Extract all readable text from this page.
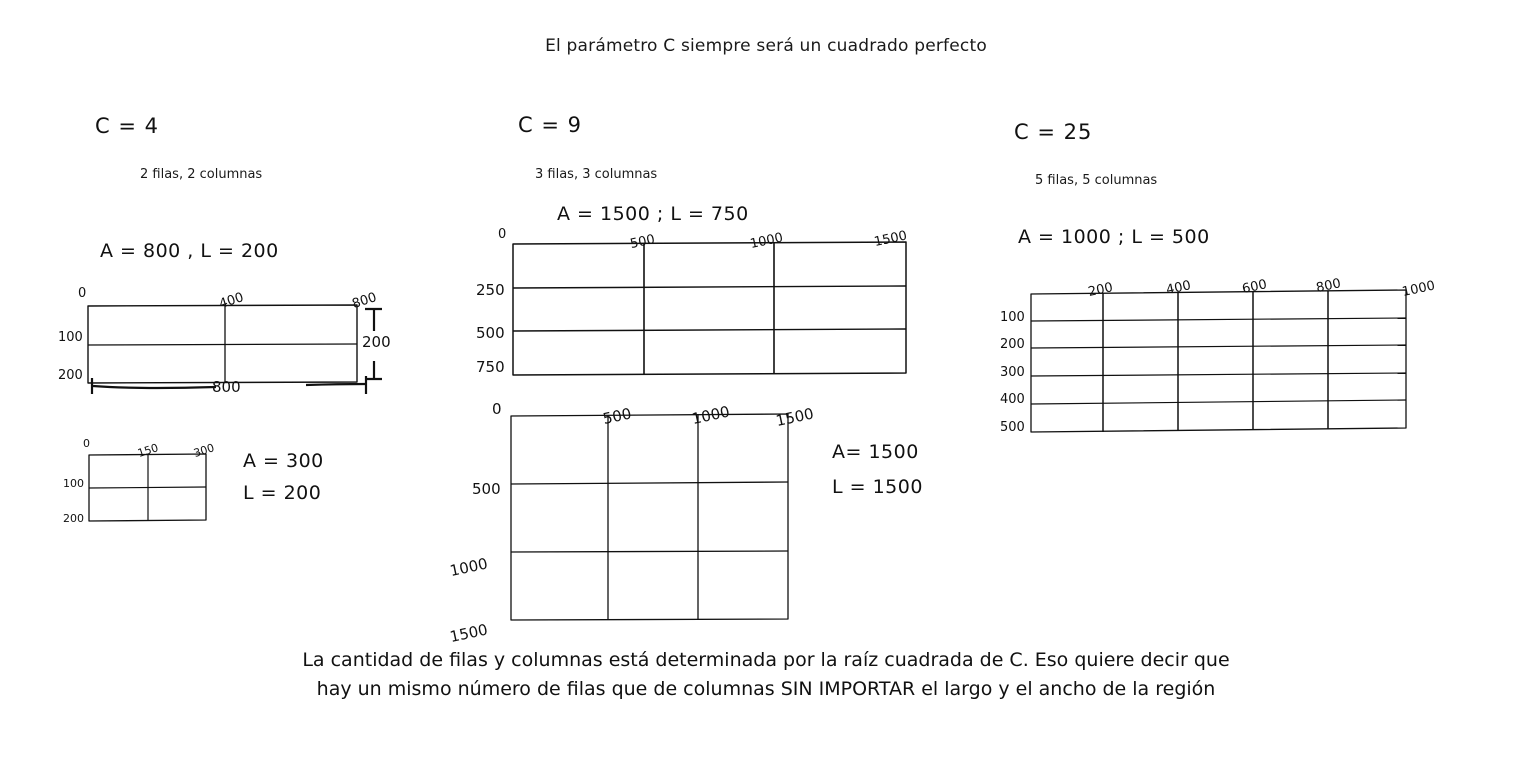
El parámetro C siempre será un cuadrado perfecto
C = 4
2 filas, 2 columnas
A = 800 , L = 200
0	400	800
100
200
800
200
0	150	300
100
200
A = 300
L = 200
C = 9
3 filas, 3 columnas
A = 1500 ; L = 750
0	500	1000	1500
250
500
750
0	500	1000	1500
500
1000
1500
A= 1500
L = 1500
C = 25
5 filas, 5 columnas
A = 1000 ; L = 500
200	400	600	800	1000
100
200
300
400
500
La cantidad de filas y columnas está determinada por la raíz cuadrada de C. Eso quiere decir que
hay un mismo número de filas que de columnas SIN IMPORTAR el largo y el ancho de la región
